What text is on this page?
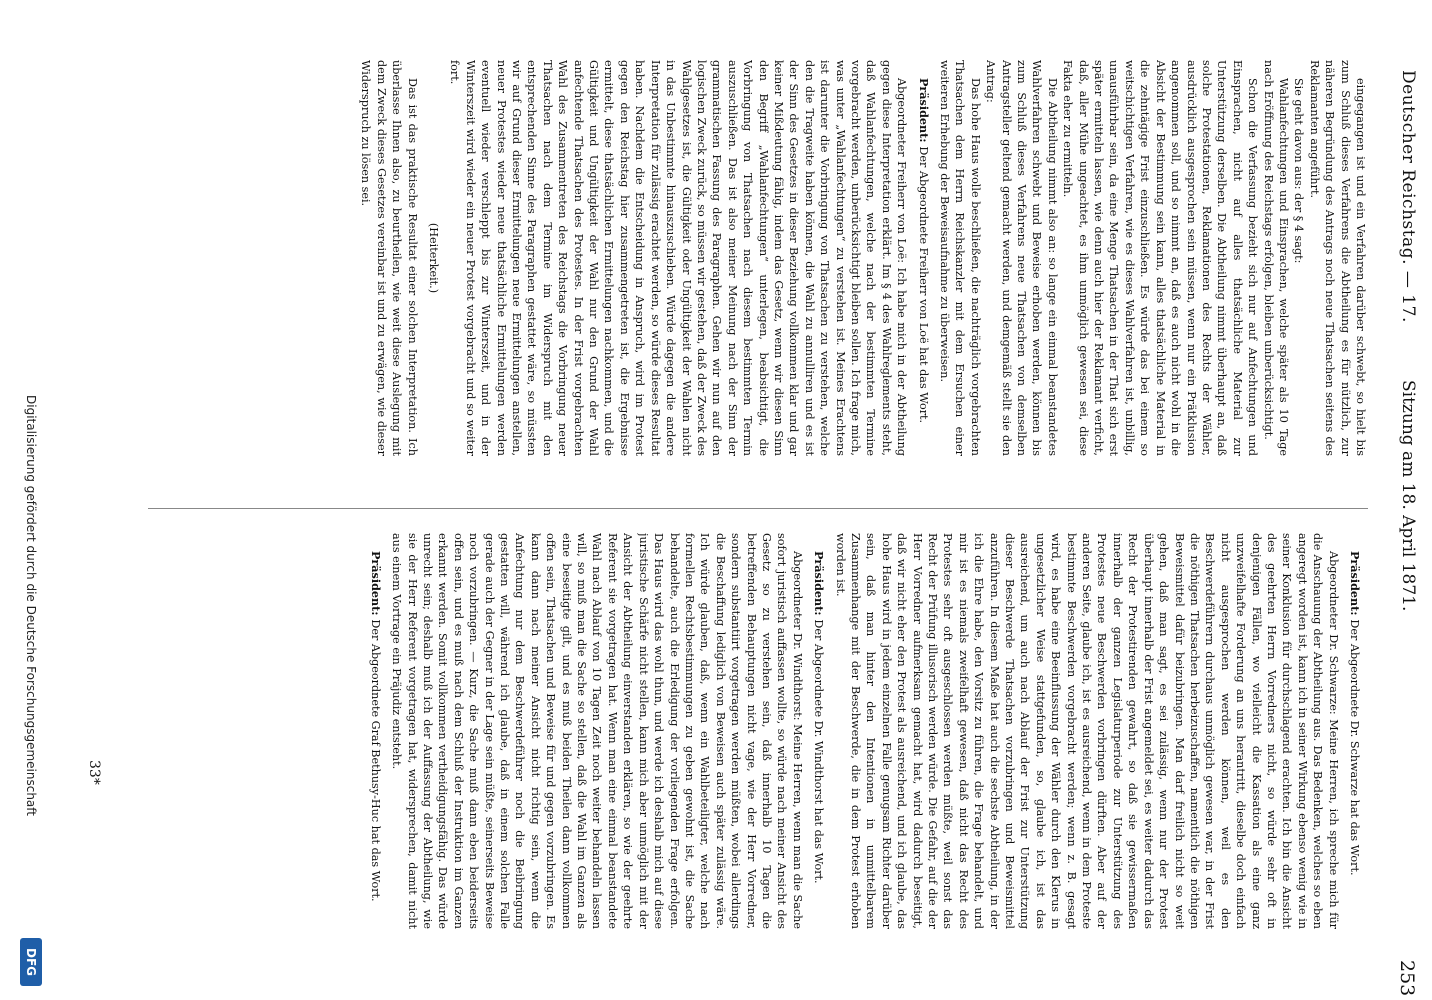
Deutscher Reichstag. — 17.
Sitzung am 18. April 1871.
253

eingegangen ist und ein Verfahren darüber schwebt, so hielt bis zum Schluß dieses Verfahrens die Abtheilung es für nützlich, zur näheren Begründung des Antrags noch neue Thatsachen seitens des Reklamanten angeführt.

Sie geht davon aus: der § 4 sagt:

Wahlanfechtungen und Einsprachen, welche später als 10 Tage nach Eröffnung des Reichstags erfolgen, bleiben unberücksichtigt.

Schon die Verfassung bezieht sich nur auf Anfechtungen und Einsprachen, nicht auf alles thatsächliche Material zur Unterstützung derselben. Die Abtheilung nimmt überhaupt an, daß solche Protestationen, Reklamationen des Rechts der Wähler, ausdrücklich ausgesprochen sein müssen, wenn nur ein Prätklusion angenommen soll, und so nimmt an, daß es auch nicht wohl in die Absicht der Bestimmung sein kann, alles thatsächliche Material in die zehntägige Frist einzuschließen. Es würde das bei einem so weitschichtigen Verfahren, wie es dieses Wahlverfahren ist, unbillig, unausführbar sein, da eine Menge Thatsachen in der That sich erst später ermitteln lassen, wie denn auch hier der Reklamant verficht, daß, aller Mühe ungeachtet, es ihm unmöglich gewesen sei, diese Fakta eher zu ermitteln.

Die Abtheilung nimmt also an: so lange ein einmal beanstandetes Wahlverfahren schwebt und Beweise erhoben werden, können bis zum Schluß dieses Verfahrens neue Thatsachen von demselben Antragsteller geltend gemacht werden, und demgemäß stellt sie den Antrag:

Das hohe Haus wolle beschließen, die nachträglich vorgebrachten Thatsachen dem Herrn Reichskanzler mit dem Ersuchen einer weiteren Erhebung der Beweisaufnahme zu überweisen.

Präsident: Der Abgeordnete Freiherr von Loë hat das Wort.

Abgeordneter Freiherr von Loë: Ich habe mich in der Abtheilung gegen diese Interpretation erklärt. Im § 4 des Wahlreglements steht, daß Wahlanfechtungen, welche nach der bestimmten Termine vorgebracht werden, unberücksichtigt bleiben sollen. Ich frage mich, was unter „Wahlanfechtungen“ zu verstehen ist. Meines Erachtens ist darunter die Vorbringung von Thatsachen zu verstehen, welche den die Tragweite haben können, die Wahl zu annulliren und es ist der Sinn des Gesetzes in dieser Beziehung vollkommen klar und gar keiner Mißdeutung fähig, indem das Gesetz, wenn wir diesen Sinn den Begriff „Wahlanfechtungen“ unterlegen, beabsichtigt, die Vorbringung von Thatsachen nach diesem bestimmten Termin auszuschließen. Das ist also meiner Meinung nach der Sinn der grammatischen Fassung des Paragraphen. Gehen wir nun auf den logischen Zweck zurück, so müssen wir gestehen, daß der Zweck des Wahlgesetzes ist, die Gültigkeit oder Ungültigkeit der Wahlen nicht in das Unbestimmte hinauszuschieben. Würde dagegen die andere Interpretation für zulässig erachtet werden, so würde dieses Resultat haben. Nachdem die Entscheidung in Anspruch, wird im Protest gegen den Reichstag hier zusammengetreten ist, die Ergebnisse ermittelt, diese thatsächlichen Ermittelungen nachkommen, und die Gültigkeit und Ungültigkeit der Wahl nur den Grund der Wahl anfechtende Thatsachen des Protestes. In der Frist vorgebrachten Wahl des Zusammentreten des Reichstags die Vorbringung neuer Thatsachen nach dem Termine im Widerspruch mit den entsprechenden Sinne des Paragraphen gestattet wäre, so müssten wir auf Grund dieser Ermittelungen neue Ermittelungen anstellen, neuer Protestes wieder neue thatsächliche Ermittelungen werden eventuell wieder verschleppt bis zur Winterszeit, und in der Winterszeit wird wieder ein neuer Protest vorgebracht und so weiter fort.

(Heiterkeit.)

Das ist das praktische Resultat einer solchen Interpretation. Ich überlasse Ihnen also, zu beurtheilen, wie weit diese Auslegung mit dem Zweck dieses Gesetzes vereinbar ist und zu erwägen, wie dieser Widerspruch zu lösen sei.

Präsident: Der Abgeordnete Dr. Schwarze hat das Wort.

Abgeordneter Dr. Schwarze: Meine Herren, ich spreche mich für die Anschauung der Abtheilung aus. Das Bedenken, welches so eben angeregt worden ist, kann ich in seiner Wirkung ebenso wenig wie in seiner Konklusion für durchschlagend erachten. Ich bin die Ansicht des geehrten Herrn Vorredners nicht, so würde sehr oft in denjenigen Fällen, wo vielleicht die Kassation als eine ganz unzweifelhafte Forderung an uns herantritt, dieselbe doch einfach nicht ausgesprochen werden können, weil es den Beschwerdeführern durchaus unmöglich gewesen war, in der Frist die nöthigen Thatsachen herbeizuschaffen, namentlich die nöthigen Beweismittel dafür beizubringen. Man darf freilich nicht so weit gehen, daß man sagt, es sei zulässig, wenn nur der Protest überhaupt innerhalb der Frist angemeldet sei, es weiter dadurch das Recht der Protestirenden gewahrt, so daß sie gewissermaßen innerhalb der ganzen Legislaturperiode zur Unterstützung des Protestes neue Beschwerden vorbringen dürften. Aber auf der anderen Seite, glaube ich, ist es ausreichend, wenn in dem Proteste bestimmte Beschwerden vorgebracht werden; wenn z. B. gesagt wird, es habe eine Beeinflussung der Wähler durch den Klerus in ungesetzlicher Weise stattgefunden, so, glaube ich, ist das ausreichend, um auch nach Ablauf der Frist zur Unterstützung dieser Beschwerde Thatsachen vorzubringen und Beweismittel anzuführen. In diesem Maße hat auch die sechste Abtheilung, in der ich die Ehre habe, den Vorsitz zu führen, die Frage behandelt, und mir ist es niemals zweifelhaft gewesen, daß nicht das Recht des Protestes sehr oft ausgeschlossen werden müßte, weil sonst das Recht der Prüfung illusorisch werden würde. Die Gefahr, auf die der Herr Vorredner aufmerksam gemacht hat, wird dadurch beseitigt, daß wir nicht eher den Protest als ausreichend, und ich glaube, das hohe Haus wird in jedem einzelnen Falle genugsam Richter darüber sein, daß man hinter den Intentionen in unmittelbarem Zusammenhange mit der Beschwerde, die in dem Protest erhoben worden ist.

Präsident: Der Abgeordnete Dr. Windthorst hat das Wort.

Abgeordneter Dr. Windthorst: Meine Herren, wenn man die Sache sofort juristisch auffassen wollte, so würde nach meiner Ansicht des Gesetz so zu verstehen sein, daß innerhalb 10 Tagen die betreffenden Behauptungen nicht vage, wie der Herr Vorredner, sondern substantiirt vorgetragen werden müßten, wobei allerdings die Beschaffung lediglich von Beweisen auch später zulässig wäre. Ich würde glauben, daß, wenn ein Wahlbeteiligter, welche nach formellen Rechtsbestimmungen zu geben gewohnt ist, die Sache behandelte, auch die Erledigung der vorliegenden Frage erfolgen. Das Haus wird das wohl thun, und werde ich deshalb mich auf diese juristische Schärfe nicht stellen, kann mich aber unmöglich mit der Ansicht der Abtheilung einverstanden erklären, so wie der geehrte Referent sie vorgetragen hat. Wenn man eine einmal beanstandete Wahl nach Ablauf von 10 Tagen Zeit noch weiter behandeln lassen will, so muß man die Sache so stellen, daß die Wahl im Ganzen als eine beseitigte gilt, und es muß beiden Theilen dann vollkommen offen sein, Thatsachen und Beweise für und gegen vorzubringen. Es kann dann nach meiner Ansicht nicht richtig sein, wenn die Anfechtung nur dem Beschwerdeführer noch die Beibringung gestatten will, während ich glaube, daß in einem solchen Falle gerade auch der Gegner in der Lage sein müßte, seinerseits Beweise noch vorzubringen. — Kurz, die Sache muß dann eben beiderseits offen sein, und es muß nach dem Schluß der Instruktion im Ganzen erkannt werden. Somit vollkommen vertheidigungsfähig. Das würde unrecht sein; deshalb muß ich der Auffassung der Abtheilung, wie sie der Herr Referent vorgetragen hat, widersprechen, damit nicht aus einem Vortrage ein Präjudiz entsteht.

Präsident: Der Abgeordnete Graf Bethusy-Huc hat das Wort.

33*
Digitalisierung gefördert durch die Deutsche Forschungsgemeinschaft
DFG
